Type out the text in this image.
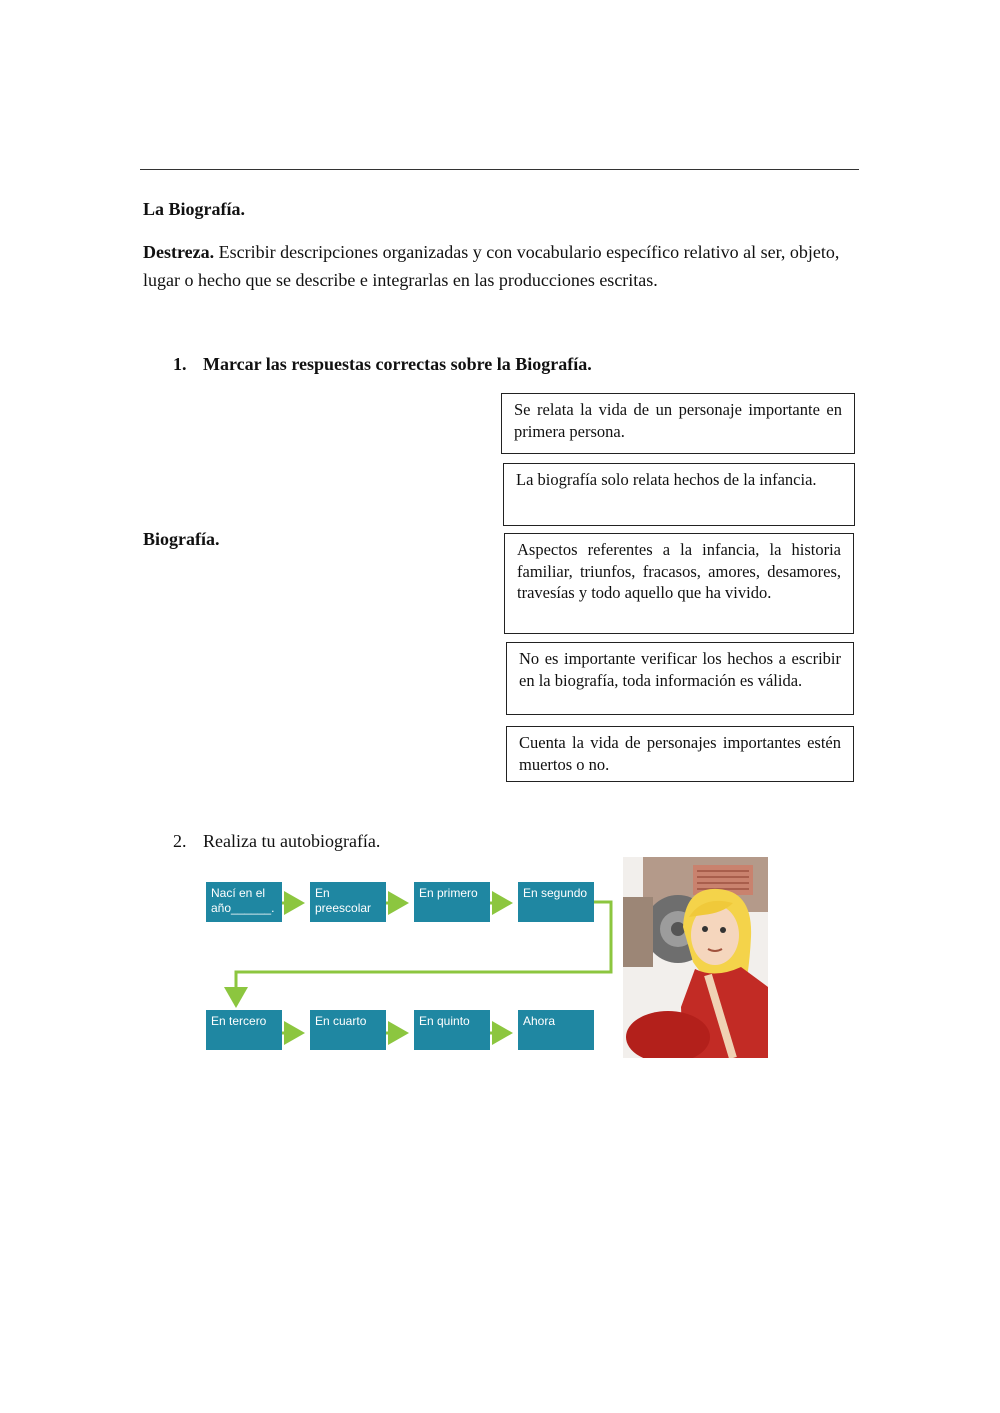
La Biografía.
Destreza. Escribir descripciones organizadas y con vocabulario específico relativo al ser, objeto, lugar o hecho que se describe e integrarlas en las producciones escritas.
1. Marcar las respuestas correctas sobre la Biografía.
Biografía.
Se relata la vida de un personaje importante en primera persona.
La biografía solo relata hechos de la infancia.
Aspectos referentes a la infancia, la historia familiar, triunfos, fracasos, amores, desamores, travesías y todo aquello que ha vivido.
No es importante verificar los hechos a escribir en la biografía, toda información es válida.
Cuenta la vida de personajes importantes estén muertos o no.
2. Realiza tu autobiografía.
Nací en el año______.
En preescolar
En primero	En segundo
En tercero	En cuarto	En quinto	Ahora
